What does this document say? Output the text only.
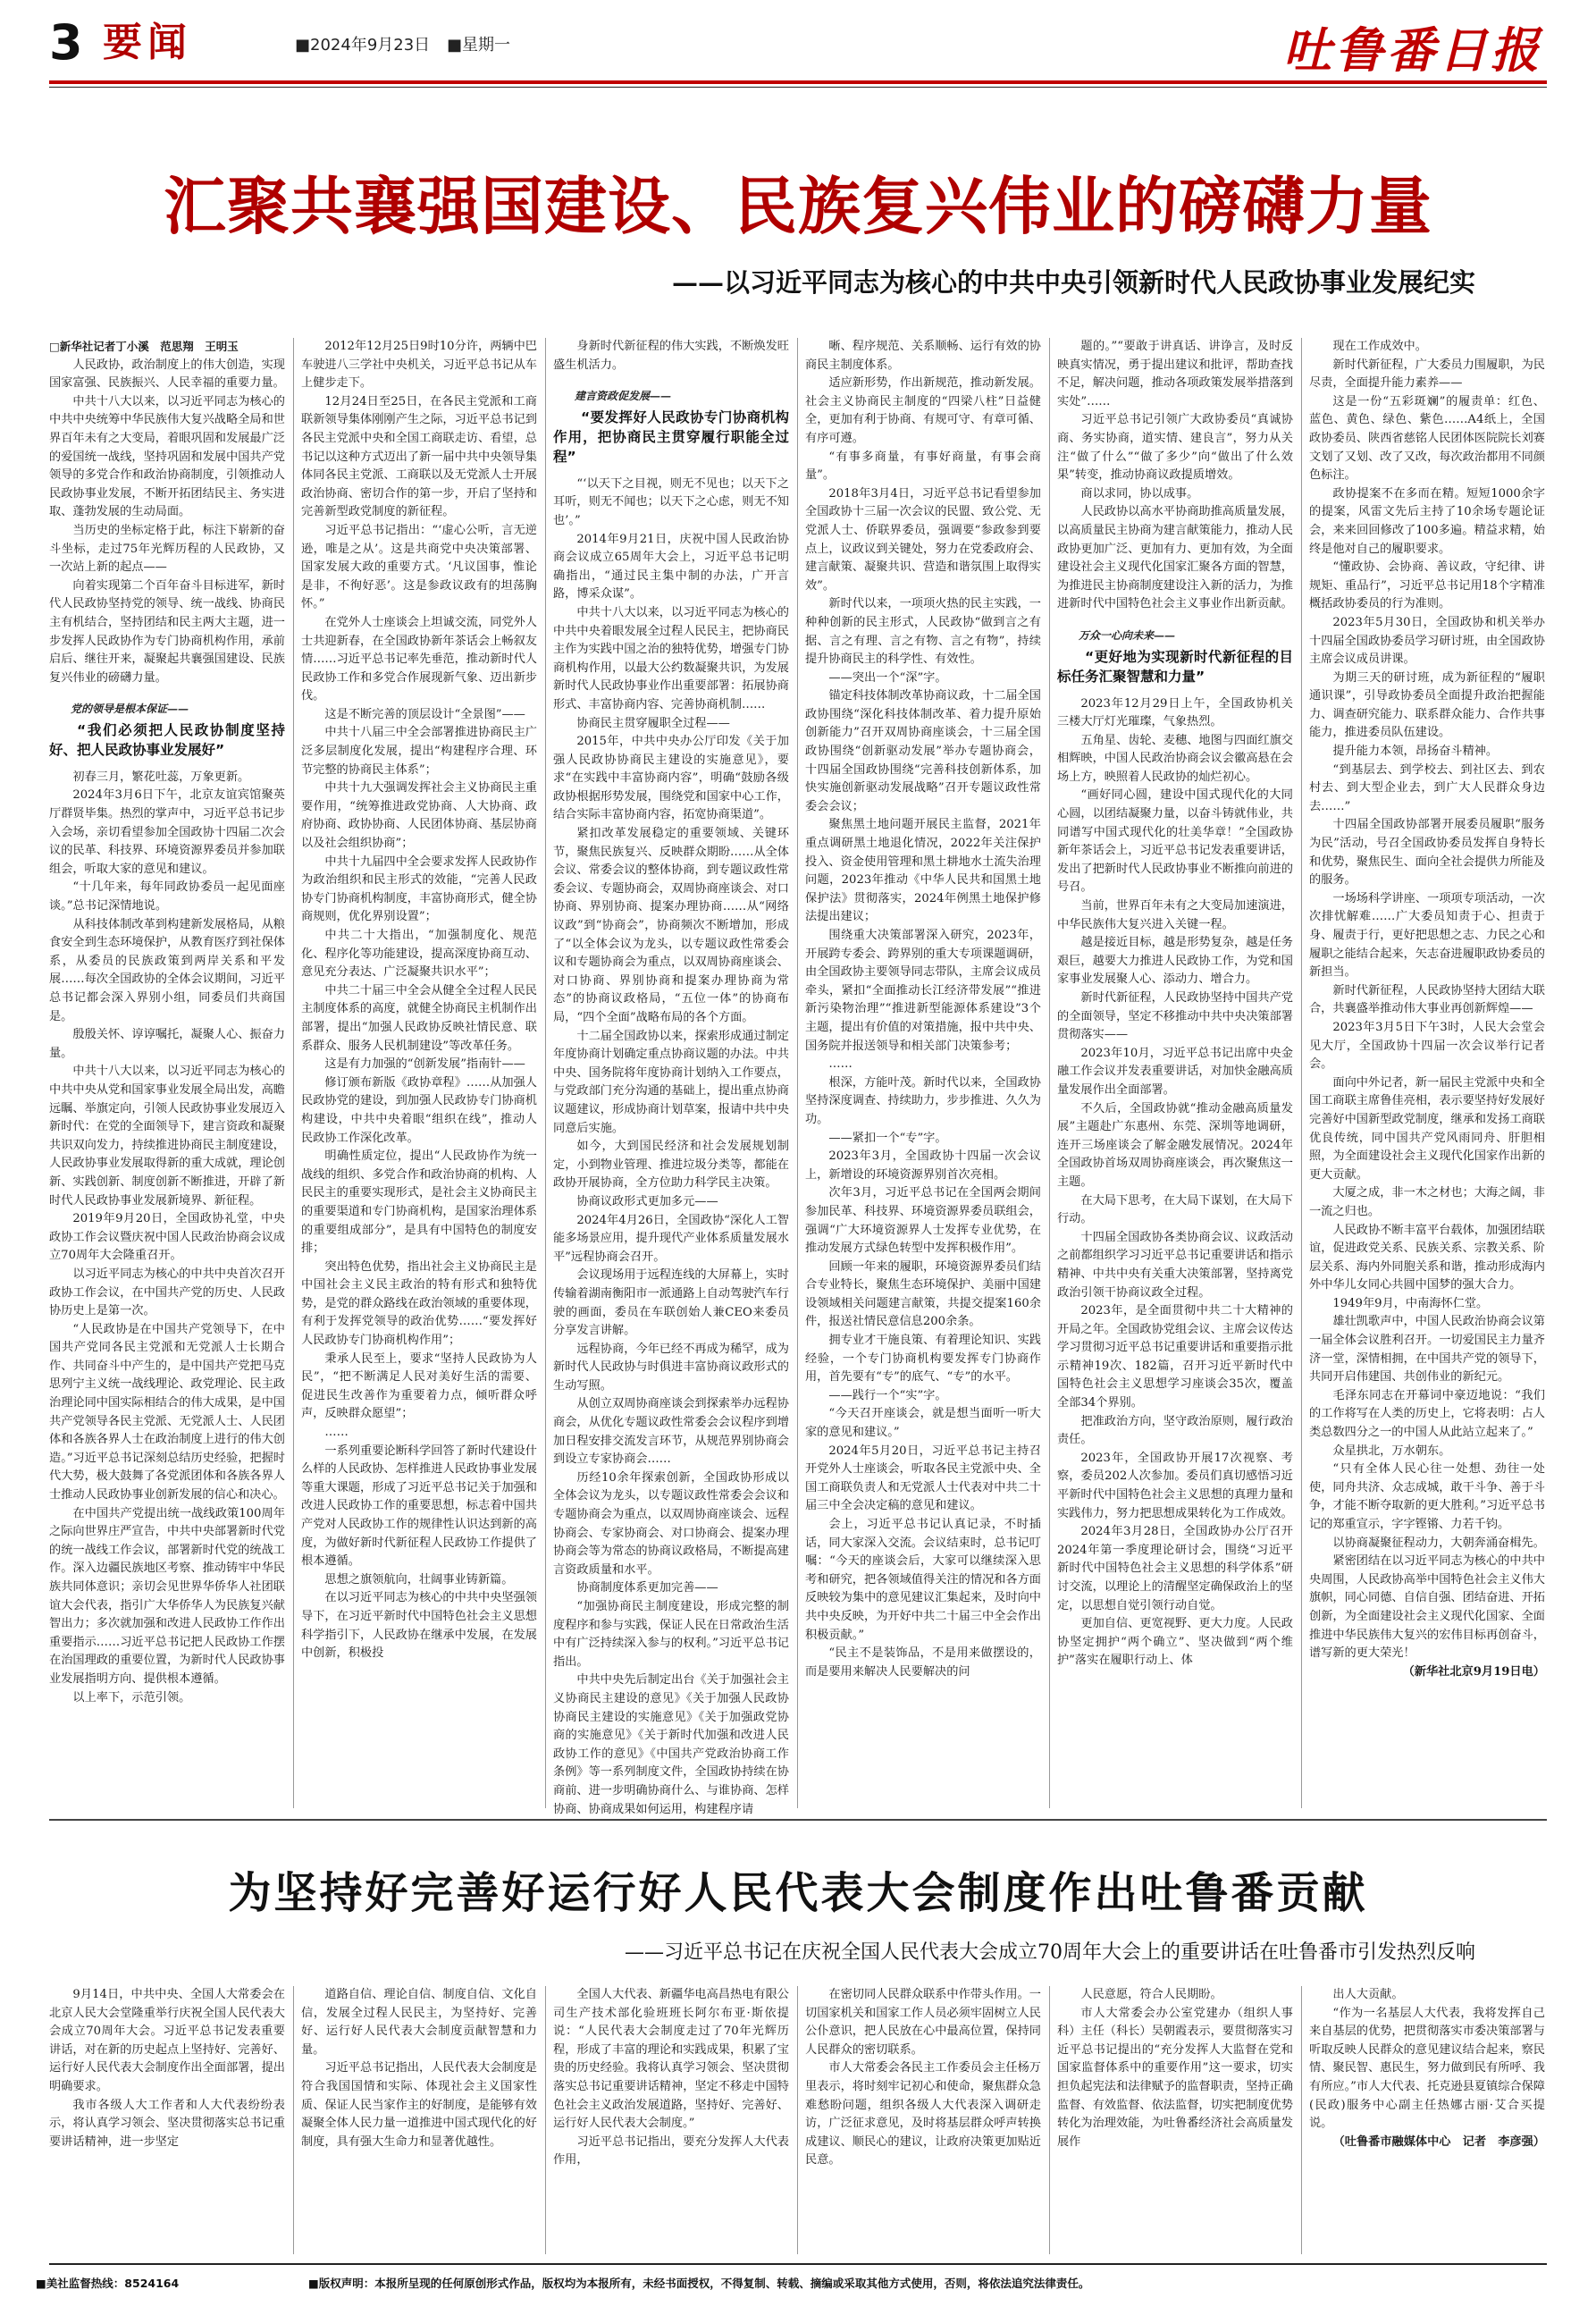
3 要闻	■2024年9月23日 ■星期一	吐鲁番日报
汇聚共襄强国建设、民族复兴伟业的磅礴力量
——以习近平同志为核心的中共中央引领新时代人民政协事业发展纪实

□新华社记者丁小溪　范思翔　王明玉

人民政协，政治制度上的伟大创造，实现国家富强、民族振兴、人民幸福的重要力量。

中共十八大以来，以习近平同志为核心的中共中央统筹中华民族伟大复兴战略全局和世界百年未有之大变局，着眼巩固和发展最广泛的爱国统一战线，坚持巩固和发展中国共产党领导的多党合作和政治协商制度，引领推动人民政协事业发展，不断开拓团结民主、务实进取、蓬勃发展的生动局面。

当历史的坐标定格于此，标注下崭新的奋斗坐标，走过75年光辉历程的人民政协，又一次站上新的起点——

向着实现第二个百年奋斗目标进军，新时代人民政协坚持党的领导、统一战线、协商民主有机结合，坚持团结和民主两大主题，进一步发挥人民政协作为专门协商机构作用，承前启后、继往开来，凝聚起共襄强国建设、民族复兴伟业的磅礴力量。

党的领导是根本保证——

“我们必须把人民政协制度坚持好、把人民政协事业发展好”

初春三月，繁花吐蕊，万象更新。

2024年3月6日下午，北京友谊宾馆聚英厅群贤毕集。热烈的掌声中，习近平总书记步入会场，亲切看望参加全国政协十四届二次会议的民革、科技界、环境资源界委员并参加联组会，听取大家的意见和建议。

“十几年来，每年同政协委员一起见面座谈。”总书记深情地说。

从科技体制改革到构建新发展格局，从粮食安全到生态环境保护，从教育医疗到社保体系，从委员的民族政策到两岸关系和平发展……每次全国政协的全体会议期间，习近平总书记都会深入界别小组，同委员们共商国是。

殷殷关怀、谆谆嘱托，凝聚人心、振奋力量。

中共十八大以来，以习近平同志为核心的中共中央从党和国家事业发展全局出发，高瞻远瞩、举旗定向，引领人民政协事业发展迈入新时代：在党的全面领导下，建言资政和凝聚共识双向发力，持续推进协商民主制度建设，人民政协事业发展取得新的重大成就，理论创新、实践创新、制度创新不断推进，开辟了新时代人民政协事业发展新境界、新征程。

2019年9月20日，全国政协礼堂，中央政协工作会议暨庆祝中国人民政治协商会议成立70周年大会隆重召开。

以习近平同志为核心的中共中央首次召开政协工作会议，在中国共产党的历史、人民政协历史上是第一次。

“人民政协是在中国共产党领导下，在中国共产党同各民主党派和无党派人士长期合作、共同奋斗中产生的，是中国共产党把马克思列宁主义统一战线理论、政党理论、民主政治理论同中国实际相结合的伟大成果，是中国共产党领导各民主党派、无党派人士、人民团体和各族各界人士在政治制度上进行的伟大创造。”习近平总书记深刻总结历史经验，把握时代大势，极大鼓舞了各党派团体和各族各界人士推动人民政协事业创新发展的信心和决心。

在中国共产党提出统一战线政策100周年之际向世界庄严宣告，中共中央部署新时代党的统一战线工作会议，部署新时代党的统战工作。深入边疆民族地区考察、推动铸牢中华民族共同体意识；亲切会见世界华侨华人社团联谊大会代表，指引广大华侨华人为民族复兴献智出力；多次就加强和改进人民政协工作作出重要指示……习近平总书记把人民政协工作摆在治国理政的重要位置，为新时代人民政协事业发展指明方向、提供根本遵循。

以上率下，示范引领。

2012年12月25日9时10分许，两辆中巴车驶进八三学社中央机关，习近平总书记从车上健步走下。

12月24日至25日，在各民主党派和工商联新领导集体刚刚产生之际，习近平总书记到各民主党派中央和全国工商联走访、看望，总书记以这种方式迈出了新一届中共中央领导集体同各民主党派、工商联以及无党派人士开展政治协商、密切合作的第一步，开启了坚持和完善新型政党制度的新征程。

习近平总书记指出：“‘虚心公听，言无逆逊，唯是之从’。这是共商党中央决策部署、国家发展大政的重要方式。‘凡议国事，惟论是非，不徇好恶’。这是参政议政有的坦荡胸怀。”

在党外人士座谈会上坦诚交流，同党外人士共迎新春，在全国政协新年茶话会上畅叙友情……习近平总书记率先垂范，推动新时代人民政协工作和多党合作展现新气象、迈出新步伐。

这是不断完善的顶层设计“全景图”——

中共十八届三中全会部署推进协商民主广泛多层制度化发展，提出“构建程序合理、环节完整的协商民主体系”；

中共十九大强调发挥社会主义协商民主重要作用，“统筹推进政党协商、人大协商、政府协商、政协协商、人民团体协商、基层协商以及社会组织协商”；

中共十九届四中全会要求发挥人民政协作为政治组织和民主形式的效能，“完善人民政协专门协商机构制度，丰富协商形式，健全协商规则，优化界别设置”；

中共二十大指出，“加强制度化、规范化、程序化等功能建设，提高深度协商互动、意见充分表达、广泛凝聚共识水平”；

中共二十届三中全会从健全全过程人民民主制度体系的高度，就健全协商民主机制作出部署，提出“加强人民政协反映社情民意、联系群众、服务人民机制建设”等改革任务。

这是有力加强的“创新发展”指南针——

修订颁布新版《政协章程》……从加强人民政协党的建设，到加强人民政协专门协商机构建设，中共中央着眼“组织在线”，推动人民政协工作深化改革。

明确性质定位，提出“人民政协作为统一战线的组织、多党合作和政治协商的机构、人民民主的重要实现形式，是社会主义协商民主的重要渠道和专门协商机构，是国家治理体系的重要组成部分”，是具有中国特色的制度安排；

突出特色优势，指出社会主义协商民主是中国社会主义民主政治的特有形式和独特优势，是党的群众路线在政治领域的重要体现，有利于发挥党领导的政治优势……“要发挥好人民政协专门协商机构作用”；

秉承人民至上，要求“坚持人民政协为人民”，“把不断满足人民对美好生活的需要、促进民生改善作为重要着力点，倾听群众呼声，反映群众愿望”；

……

一系列重要论断科学回答了新时代建设什么样的人民政协、怎样推进人民政协事业发展等重大课题，形成了习近平总书记关于加强和改进人民政协工作的重要思想，标志着中国共产党对人民政协工作的规律性认识达到新的高度，为做好新时代新征程人民政协工作提供了根本遵循。

思想之旗领航向，壮阔事业铸新篇。

在以习近平同志为核心的中共中央坚强领导下，在习近平新时代中国特色社会主义思想科学指引下，人民政协在继承中发展，在发展中创新，积极投

身新时代新征程的伟大实践，不断焕发旺盛生机活力。

建言资政促发展——

“要发挥好人民政协专门协商机构作用，把协商民主贯穿履行职能全过程”

“‘以天下之目视，则无不见也；以天下之耳听，则无不闻也；以天下之心虑，则无不知也’。”

2014年9月21日，庆祝中国人民政治协商会议成立65周年大会上，习近平总书记明确指出，“通过民主集中制的办法，广开言路，博采众谋”。

中共十八大以来，以习近平同志为核心的中共中央着眼发展全过程人民民主，把协商民主作为实践中国之治的独特优势，增强专门协商机构作用，以最大公约数凝聚共识，为发展新时代人民政协事业作出重要部署：拓展协商形式、丰富协商内容、完善协商机制……

协商民主贯穿履职全过程——

2015年，中共中央办公厅印发《关于加强人民政协协商民主建设的实施意见》，要求“在实践中丰富协商内容”，明确“鼓励各级政协根据形势发展，围绕党和国家中心工作，结合实际丰富协商内容，拓宽协商渠道”。

紧扣改革发展稳定的重要领域、关键环节，聚焦民族复兴、反映群众期盼……从全体会议、常委会议的整体协商，到专题议政性常委会议、专题协商会，双周协商座谈会、对口协商、界别协商、提案办理协商……从“网络议政”到“协商会”，协商频次不断增加，形成了“以全体会议为龙头，以专题议政性常委会议和专题协商会为重点，以双周协商座谈会、对口协商、界别协商和提案办理协商为常态”的协商议政格局，“五位一体”的协商布局，“四个全面”战略布局的各个方面。

十二届全国政协以来，探索形成通过制定年度协商计划确定重点协商议题的办法。中共中央、国务院将年度协商计划纳入工作要点，与党政部门充分沟通的基础上，提出重点协商议题建议，形成协商计划草案，报请中共中央同意后实施。

如今，大到国民经济和社会发展规划制定，小到物业管理、推进垃圾分类等，都能在政协开展协商，全方位助力科学民主决策。

协商议政形式更加多元——

2024年4月26日，全国政协“深化人工智能多场景应用，提升现代产业体系质量发展水平”远程协商会召开。

会议现场用于远程连线的大屏幕上，实时传输着湖南衡阳市一派通路上自动驾驶汽车行驶的画面，委员在车联创始人兼CEO来委员分享发言讲解。

远程协商，今年已经不再成为稀罕，成为新时代人民政协与时俱进丰富协商议政形式的生动写照。

从创立双周协商座谈会到探索举办远程协商会，从优化专题议政性常委会会议程序到增加日程安排交流发言环节，从规范界别协商会到设立专家协商会……

历经10余年探索创新，全国政协形成以全体会议为龙头，以专题议政性常委会会议和专题协商会为重点，以双周协商座谈会、远程协商会、专家协商会、对口协商会、提案办理协商会等为常态的协商议政格局，不断提高建言资政质量和水平。

协商制度体系更加完善——

“加强协商民主制度建设，形成完整的制度程序和参与实践，保证人民在日常政治生活中有广泛持续深入参与的权利。”习近平总书记指出。

中共中央先后制定出台《关于加强社会主义协商民主建设的意见》《关于加强人民政协协商民主建设的实施意见》《关于加强政党协商的实施意见》《关于新时代加强和改进人民政协工作的意见》《中国共产党政治协商工作条例》等一系列制度文件，全国政协持续在协商前、进一步明确协商什么、与谁协商、怎样协商、协商成果如何运用，构建程序请

晰、程序规范、关系顺畅、运行有效的协商民主制度体系。

适应新形势，作出新规范，推动新发展。社会主义协商民主制度的“四梁八柱”日益健全，更加有利于协商、有规可守、有章可循、有序可遵。

“有事多商量，有事好商量，有事会商量”。

2018年3月4日，习近平总书记看望参加全国政协十三届一次会议的民盟、致公党、无党派人士、侨联界委员，强调要“参政参到要点上，议政议到关键处，努力在党委政府会、建言献策、凝聚共识、营造和谐氛围上取得实效”。

新时代以来，一项项火热的民主实践，一种种创新的民主形式，人民政协“做到言之有据、言之有理、言之有物、言之有物”，持续提升协商民主的科学性、有效性。

——突出一个“深”字。

锚定科技体制改革协商议政，十二届全国政协围绕“深化科技体制改革、着力提升原始创新能力”召开双周协商座谈会，十三届全国政协围绕“创新驱动发展”举办专题协商会，十四届全国政协围绕“完善科技创新体系，加快实施创新驱动发展战略”召开专题议政性常委会会议；

聚焦黑土地问题开展民主监督，2021年重点调研黑土地退化情况，2022年关注保护投入、资金使用管理和黑土耕地水土流失治理问题，2023年推动《中华人民共和国黑土地保护法》贯彻落实，2024年例黑土地保护修法提出建议；

围绕重大决策部署深入研究，2023年，开展跨专委会、跨界别的重大专项课题调研，由全国政协主要领导同志带队，主席会议成员牵头，紧扣“全面推动长江经济带发展”“推进新污染物治理”“推进新型能源体系建设”3个主题，提出有价值的对策措施，报中共中央、国务院并报送领导和相关部门决策参考；

……

根深，方能叶茂。新时代以来，全国政协坚持深度调查、持续助力，步步推进、久久为功。

——紧扣一个“专”字。

2023年3月，全国政协十四届一次会议上，新增设的环境资源界别首次亮相。

次年3月，习近平总书记在全国两会期间参加民革、科技界、环境资源界委员联组会，强调“广大环境资源界人士发挥专业优势，在推动发展方式绿色转型中发挥积极作用”。

回顾一年来的履职，环境资源界委员们结合专业特长，聚焦生态环境保护、美丽中国建设领域相关问题建言献策，共提交提案160余件，报送社情民意信息200余条。

拥专业才干施良策、有着理论知识、实践经验，一个专门协商机构要发挥专门协商作用，首先要有“专”的底气、“专”的水平。

——践行一个“实”字。

“今天召开座谈会，就是想当面听一听大家的意见和建议。”

2024年5月20日，习近平总书记主持召开党外人士座谈会，听取各民主党派中央、全国工商联负责人和无党派人士代表对中共二十届三中全会决定稿的意见和建议。

会上，习近平总书记认真记录，不时插话，同大家深入交流。会议结束时，总书记叮嘱：“今天的座谈会后，大家可以继续深入思考和研究，把各领域值得关注的情况和各方面反映较为集中的意见建议汇集起来，及时向中共中央反映，为开好中共二十届三中全会作出积极贡献。”

“民主不是装饰品，不是用来做摆设的，而是要用来解决人民要解决的问

题的。”“要敢于讲真话、讲诤言，及时反映真实情况，勇于提出建议和批评，帮助查找不足，解决问题，推动各项政策发展举措落到实处”……

习近平总书记引领广大政协委员“真诚协商、务实协商，道实情、建良言”，努力从关注“做了什么”“做了多少”向“做出了什么效果”转变，推动协商议政提质增效。

商以求同，协以成事。

人民政协以高水平协商助推高质量发展，以高质量民主协商为建言献策能力，推动人民政协更加广泛、更加有力、更加有效，为全面建设社会主义现代化国家汇聚各方面的智慧，为推进民主协商制度建设注入新的活力，为推进新时代中国特色社会主义事业作出新贡献。

万众一心向未来——

“更好地为实现新时代新征程的目标任务汇聚智慧和力量”

2023年12月29日上午，全国政协机关三楼大厅灯光璀璨，气象热烈。

五角星、齿轮、麦穗、地图与四面红旗交相辉映，中国人民政治协商会议会徽高悬在会场上方，映照着人民政协的灿烂初心。

“画好同心圆，建设中国式现代化的大同心圆，以团结凝聚力量，以奋斗铸就伟业，共同谱写中国式现代化的壮美华章！”全国政协新年茶话会上，习近平总书记发表重要讲话，发出了把新时代人民政协事业不断推向前进的号召。

当前，世界百年未有之大变局加速演进，中华民族伟大复兴进入关键一程。

越是接近目标，越是形势复杂，越是任务艰巨，越要大力推进人民政协工作，为党和国家事业发展聚人心、添动力、增合力。

新时代新征程，人民政协坚持中国共产党的全面领导，坚定不移推动中共中央决策部署贯彻落实——

2023年10月，习近平总书记出席中央金融工作会议并发表重要讲话，对加快金融高质量发展作出全面部署。

不久后，全国政协就“推动金融高质量发展”主题赴广东惠州、东莞、深圳等地调研，连开三场座谈会了解金融发展情况。2024年全国政协首场双周协商座谈会，再次聚焦这一主题。

在大局下思考，在大局下谋划，在大局下行动。

十四届全国政协各类协商会议、议政活动之前都组织学习习近平总书记重要讲话和指示精神、中共中央有关重大决策部署，坚持离党政治引领干协商议政全过程。

2023年，是全面贯彻中共二十大精神的开局之年。全国政协党组会议、主席会议传达学习贯彻习近平总书记重要讲话和重要指示批示精神19次、182篇，召开习近平新时代中国特色社会主义思想学习座谈会35次，覆盖全部34个界别。

把准政治方向，坚守政治原则，履行政治责任。

2023年，全国政协开展17次视察、考察，委员202人次参加。委员们真切感悟习近平新时代中国特色社会主义思想的真理力量和实践伟力，努力把思想成果转化为工作成效。

2024年3月28日，全国政协办公厅召开2024年第一季度理论研讨会，围绕“习近平新时代中国特色社会主义思想的科学体系”研讨交流，以理论上的清醒坚定确保政治上的坚定，以思想自觉引领行动自觉。

更加自信、更宽视野、更大力度。人民政协坚定拥护“两个确立”、坚决做到“两个维护”落实在履职行动上、体

现在工作成效中。

新时代新征程，广大委员力围履职，为民尽责，全面提升能力素养——

这是一份“五彩斑斓”的履责单：红色、蓝色、黄色、绿色、紫色……A4纸上，全国政协委员、陕西省慈铭人民团体医院院长刘赛文划了又划、改了又改，每次政治都用不同颜色标注。

政协提案不在多而在精。短短1000余字的提案，风雷文先后主持了10余场专题论证会，来来回回修改了100多遍。精益求精，始终是他对自己的履职要求。

“懂政协、会协商、善议政，守纪律、讲规矩、重品行”，习近平总书记用18个字精准概括政协委员的行为准则。

2023年5月30日，全国政协和机关举办十四届全国政协委员学习研讨班，由全国政协主席会议成员讲课。

为期三天的研讨班，成为新征程的“履职通识课”，引导政协委员全面提升政治把握能力、调查研究能力、联系群众能力、合作共事能力，推进委员队伍建设。

提升能力本领，昂扬奋斗精神。

“到基层去、到学校去、到社区去、到农村去、到大型企业去，到广大人民群众身边去……”

十四届全国政协部署开展委员履职“服务为民”活动，号召全国政协委员发挥自身特长和优势，聚焦民生、面向全社会提供力所能及的服务。

一场场科学讲座、一项项专项活动，一次次排忧解难……广大委员知责于心、担责于身、履责于行，更好把思想之志、力民之心和履职之能结合起来，矢志奋进履职政协委员的新担当。

新时代新征程，人民政协坚持大团结大联合，共襄盛举推动伟大事业再创新辉煌——

2023年3月5日下午3时，人民大会堂会见大厅，全国政协十四届一次会议举行记者会。

面向中外记者，新一届民主党派中央和全国工商联主席鲁佳亮相，表示要坚持好发展好完善好中国新型政党制度，继承和发扬工商联优良传统，同中国共产党风雨同舟、肝胆相照，为全面建设社会主义现代化国家作出新的更大贡献。

大厦之成，非一木之材也；大海之阔，非一流之归也。

人民政协不断丰富平台载体，加强团结联谊，促进政党关系、民族关系、宗教关系、阶层关系、海内外同胞关系和谐，推动形成海内外中华儿女同心共圆中国梦的强大合力。

1949年9月，中南海怀仁堂。

雄壮凯歌声中，中国人民政治协商会议第一届全体会议胜利召开。一切爱国民主力量齐济一堂，深情相拥，在中国共产党的领导下，共同开启伟建国、共创伟业的新纪元。

毛泽东同志在开幕词中豪迈地说：“我们的工作将写在人类的历史上，它将表明：占人类总数四分之一的中国人从此站立起来了。”

众星拱北，万水朝东。

“只有全体人民心往一处想、劲往一处使，同舟共济、众志成城，敢干斗争、善于斗争，才能不断夺取新的更大胜利。”习近平总书记的郑重宣示，字字铿锵、力若千钧。

以协商凝聚征程动力，大朝奔涌奋楫先。

紧密团结在以习近平同志为核心的中共中央周围，人民政协高举中国特色社会主义伟大旗帜，同心同德、自信自强、团结奋进、开拓创新，为全面建设社会主义现代化国家、全面推进中华民族伟大复兴的宏伟目标再创奋斗，谱写新的更大荣光！

（新华社北京9月19日电）

为坚持好完善好运行好人民代表大会制度作出吐鲁番贡献
——习近平总书记在庆祝全国人民代表大会成立70周年大会上的重要讲话在吐鲁番市引发热烈反响

9月14日，中共中央、全国人大常委会在北京人民大会堂隆重举行庆祝全国人民代表大会成立70周年大会。习近平总书记发表重要讲话，对在新的历史起点上坚持好、完善好、运行好人民代表大会制度作出全面部署，提出明确要求。

我市各级人大工作者和人大代表纷纷表示，将认真学习领会、坚决贯彻落实总书记重要讲话精神，进一步坚定

道路自信、理论自信、制度自信、文化自信，发展全过程人民民主，为坚持好、完善好、运行好人民代表大会制度贡献智慧和力量。

习近平总书记指出，人民代表大会制度是符合我国国情和实际、体现社会主义国家性质、保证人民当家作主的好制度，是能够有效凝聚全体人民力量一道推进中国式现代化的好制度，具有强大生命力和显著优越性。

全国人大代表、新疆华电高昌热电有限公司生产技术部化验班班长阿尔布亚·斯依提说：“人民代表大会制度走过了70年光辉历程，形成了丰富的理论和实践成果，积累了宝贵的历史经验。我将认真学习领会、坚决贯彻落实总书记重要讲话精神，坚定不移走中国特色社会主义政治发展道路，坚持好、完善好、运行好人民代表大会制度。”

习近平总书记指出，要充分发挥人大代表作用，

在密切同人民群众联系中作带头作用。一切国家机关和国家工作人员必须牢固树立人民公仆意识，把人民放在心中最高位置，保持同人民群众的密切联系。

市人大常委会各民主工作委员会主任杨万里表示，将时刻牢记初心和使命，聚焦群众急难愁盼问题，组织各级人大代表深入调研走访，广泛征求意见，及时将基层群众呼声转换成建议、顺民心的建议，让政府决策更加贴近民意。

人民意愿，符合人民期盼。

市人大常委会办公室党建办（组织人事科）主任（科长）吴朝霞表示，要贯彻落实习近平总书记提出的“充分发挥人大监督在党和国家监督体系中的重要作用”这一要求，切实担负起宪法和法律赋予的监督职责，坚持正确监督、有效监督、依法监督，切实把制度优势转化为治理效能，为吐鲁番经济社会高质量发展作

出人大贡献。

“作为一名基层人大代表，我将发挥自己来自基层的优势，把贯彻落实市委决策部署与听取反映人民群众的意见建议结合起来，察民情、聚民智、惠民生，努力做到民有所呼、我有所应。”市人大代表、托克逊县夏镇综合保障(民政)服务中心副主任热娜古丽·艾合买提说。

（吐鲁番市融媒体中心　记者　李彦强）

■美社监督热线：8524164	■版权声明：本报所呈现的任何原创形式作品，版权均为本报所有，未经书面授权，不得复制、转载、摘编或采取其他方式使用，否则，将依法追究法律责任。
